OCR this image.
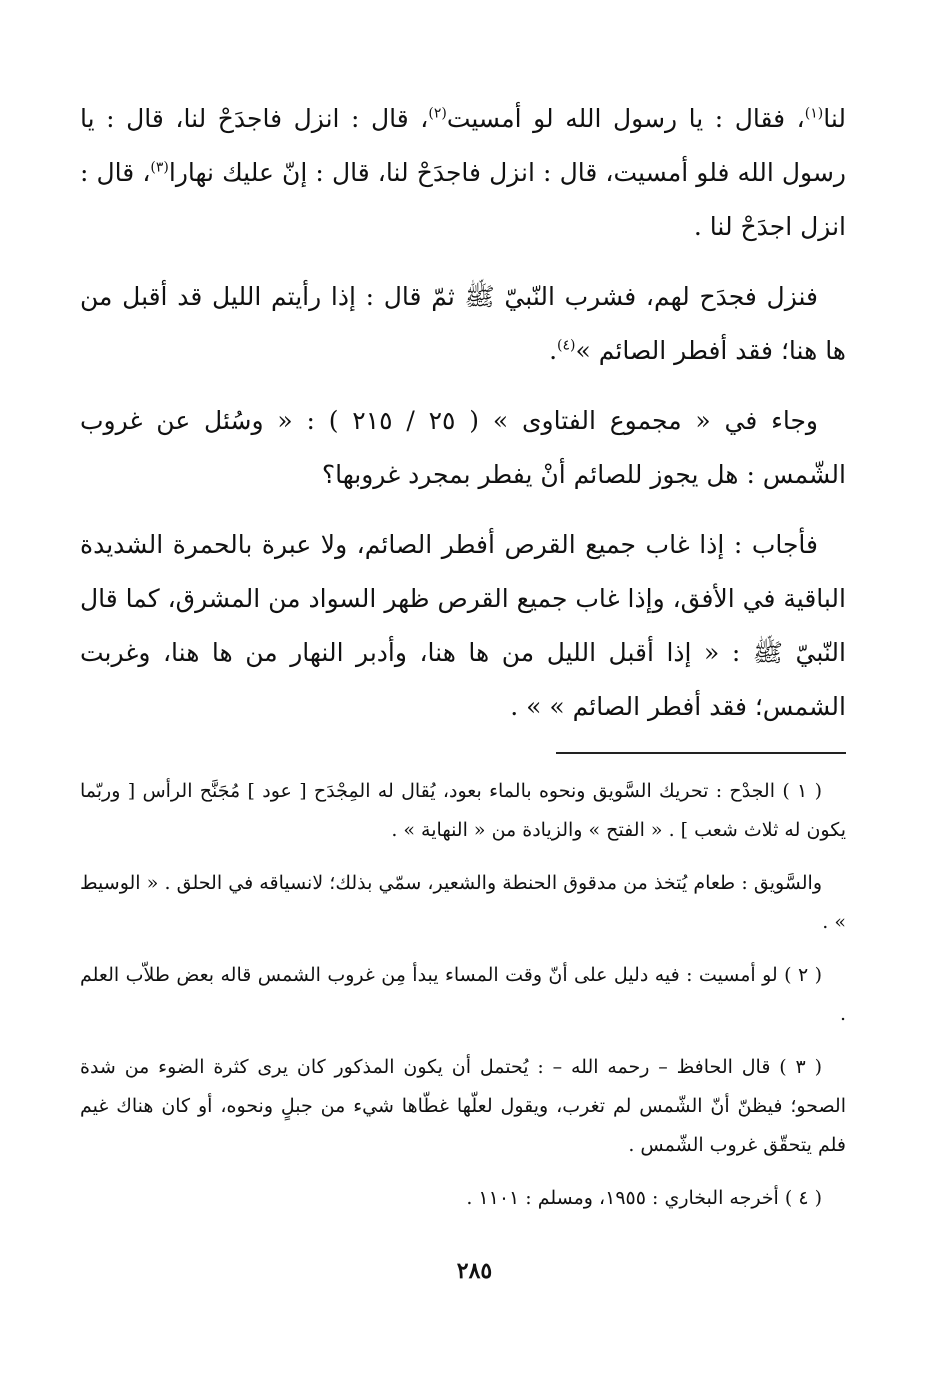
لنا$^{(١)}$، فقال : يا رسول الله لو أمسيت$^{(٢)}$، قال : انزل فاجدَحْ لنا، قال : يا رسول الله فلو أمسيت، قال : انزل فاجدَحْ لنا، قال : إنّ عليك نهارا$^{(٣)}$، قال : انزل اجدَحْ لنا .

فنزل فجدَح لهم، فشرب النّبيّ ﷺ ثمّ قال : إذا رأيتم الليل قد أقبل من ها هنا؛ فقد أفطر الصائم »$^{(٤)}$.

وجاء في « مجموع الفتاوى » ( ٢٥ / ٢١٥ ) : « وسُئل عن غروب الشّمس : هل يجوز للصائم أنْ يفطر بمجرد غروبها؟

فأجاب : إذا غاب جميع القرص أفطر الصائم، ولا عبرة بالحمرة الشديدة الباقية في الأفق، وإذا غاب جميع القرص ظهر السواد من المشرق، كما قال النّبيّ ﷺ : « إذا أقبل الليل من ها هنا، وأدبر النهار من ها هنا، وغربت الشمس؛ فقد أفطر الصائم » » .

( ١ ) الجدْح : تحريك السَّويق ونحوه بالماء بعود، يُقال له المِجْدَح [ عود ] مُجَنَّح الرأس [ وربّما يكون له ثلاث شعب ] . « الفتح » والزيادة من « النهاية » .

والسَّويق : طعام يُتخذ من مدقوق الحنطة والشعير، سمّي بذلك؛ لانسياقه في الحلق . « الوسيط » .

( ٢ ) لو أمسيت : فيه دليل على أنّ وقت المساء يبدأ مِن غروب الشمس قاله بعض طلاّب العلم .

( ٣ ) قال الحافظ – رحمه الله – : يُحتمل أن يكون المذكور كان يرى كثرة الضوء من شدة الصحو؛ فيظنّ أنّ الشّمس لم تغرب، ويقول لعلّها غطّاها شيء من جبلٍ ونحوه، أو كان هناك غيم فلم يتحقّق غروب الشّمس .

( ٤ ) أخرجه البخاري : ١٩٥٥، ومسلم : ١١٠١ .

٢٨٥
